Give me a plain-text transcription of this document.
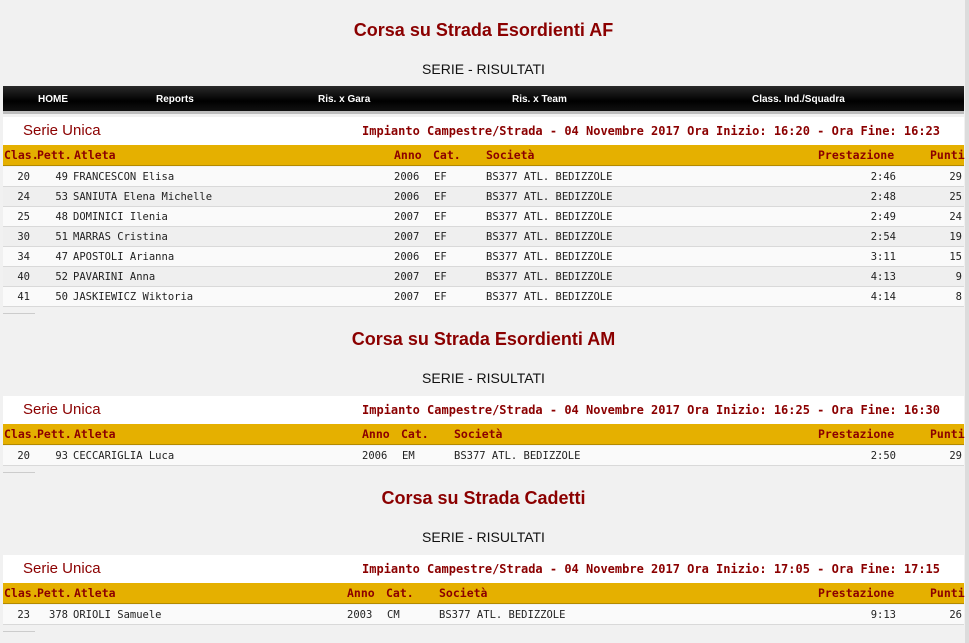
Corsa su Strada Esordienti AF
SERIE - RISULTATI
HOME	Reports	Ris. x Gara	Ris. x Team	Class. Ind./Squadra
Serie Unica	Impianto Campestre/Strada - 04 Novembre 2017 Ora Inizio: 16:20 - Ora Fine: 16:23
Clas.
Pett. Atleta	Anno Cat. Società	Prestazione	Punti
20 49 FRANCESCON Elisa	2006 EF	BS377 ATL. BEDIZZOLE	2:46	29
24 53 SANIUTA Elena Michelle	2006 EF	BS377 ATL. BEDIZZOLE	2:48	25
25 48 DOMINICI Ilenia	2007 EF	BS377 ATL. BEDIZZOLE	2:49	24
30 51 MARRAS Cristina	2007 EF	BS377 ATL. BEDIZZOLE	2:54	19
34 47 APOSTOLI Arianna	2006 EF	BS377 ATL. BEDIZZOLE	3:11	15
40 52 PAVARINI Anna	2007 EF	BS377 ATL. BEDIZZOLE	4:13	9
41 50 JASKIEWICZ Wiktoria	2007 EF	BS377 ATL. BEDIZZOLE	4:14	8
Corsa su Strada Esordienti AM
SERIE - RISULTATI
Serie Unica	Impianto Campestre/Strada - 04 Novembre 2017 Ora Inizio: 16:25 - Ora Fine: 16:30
Clas.
Pett. Atleta	Anno Cat. Società	Prestazione	Punti
20 93 CECCARIGLIA Luca	2006 EM	BS377 ATL. BEDIZZOLE	2:50	29
Corsa su Strada Cadetti
SERIE - RISULTATI
Serie Unica	Impianto Campestre/Strada - 04 Novembre 2017 Ora Inizio: 17:05 - Ora Fine: 17:15
Clas.
Pett. Atleta	Anno Cat. Società	Prestazione	Punti
23 378 ORIOLI Samuele	2003 CM	BS377 ATL. BEDIZZOLE	9:13	26
